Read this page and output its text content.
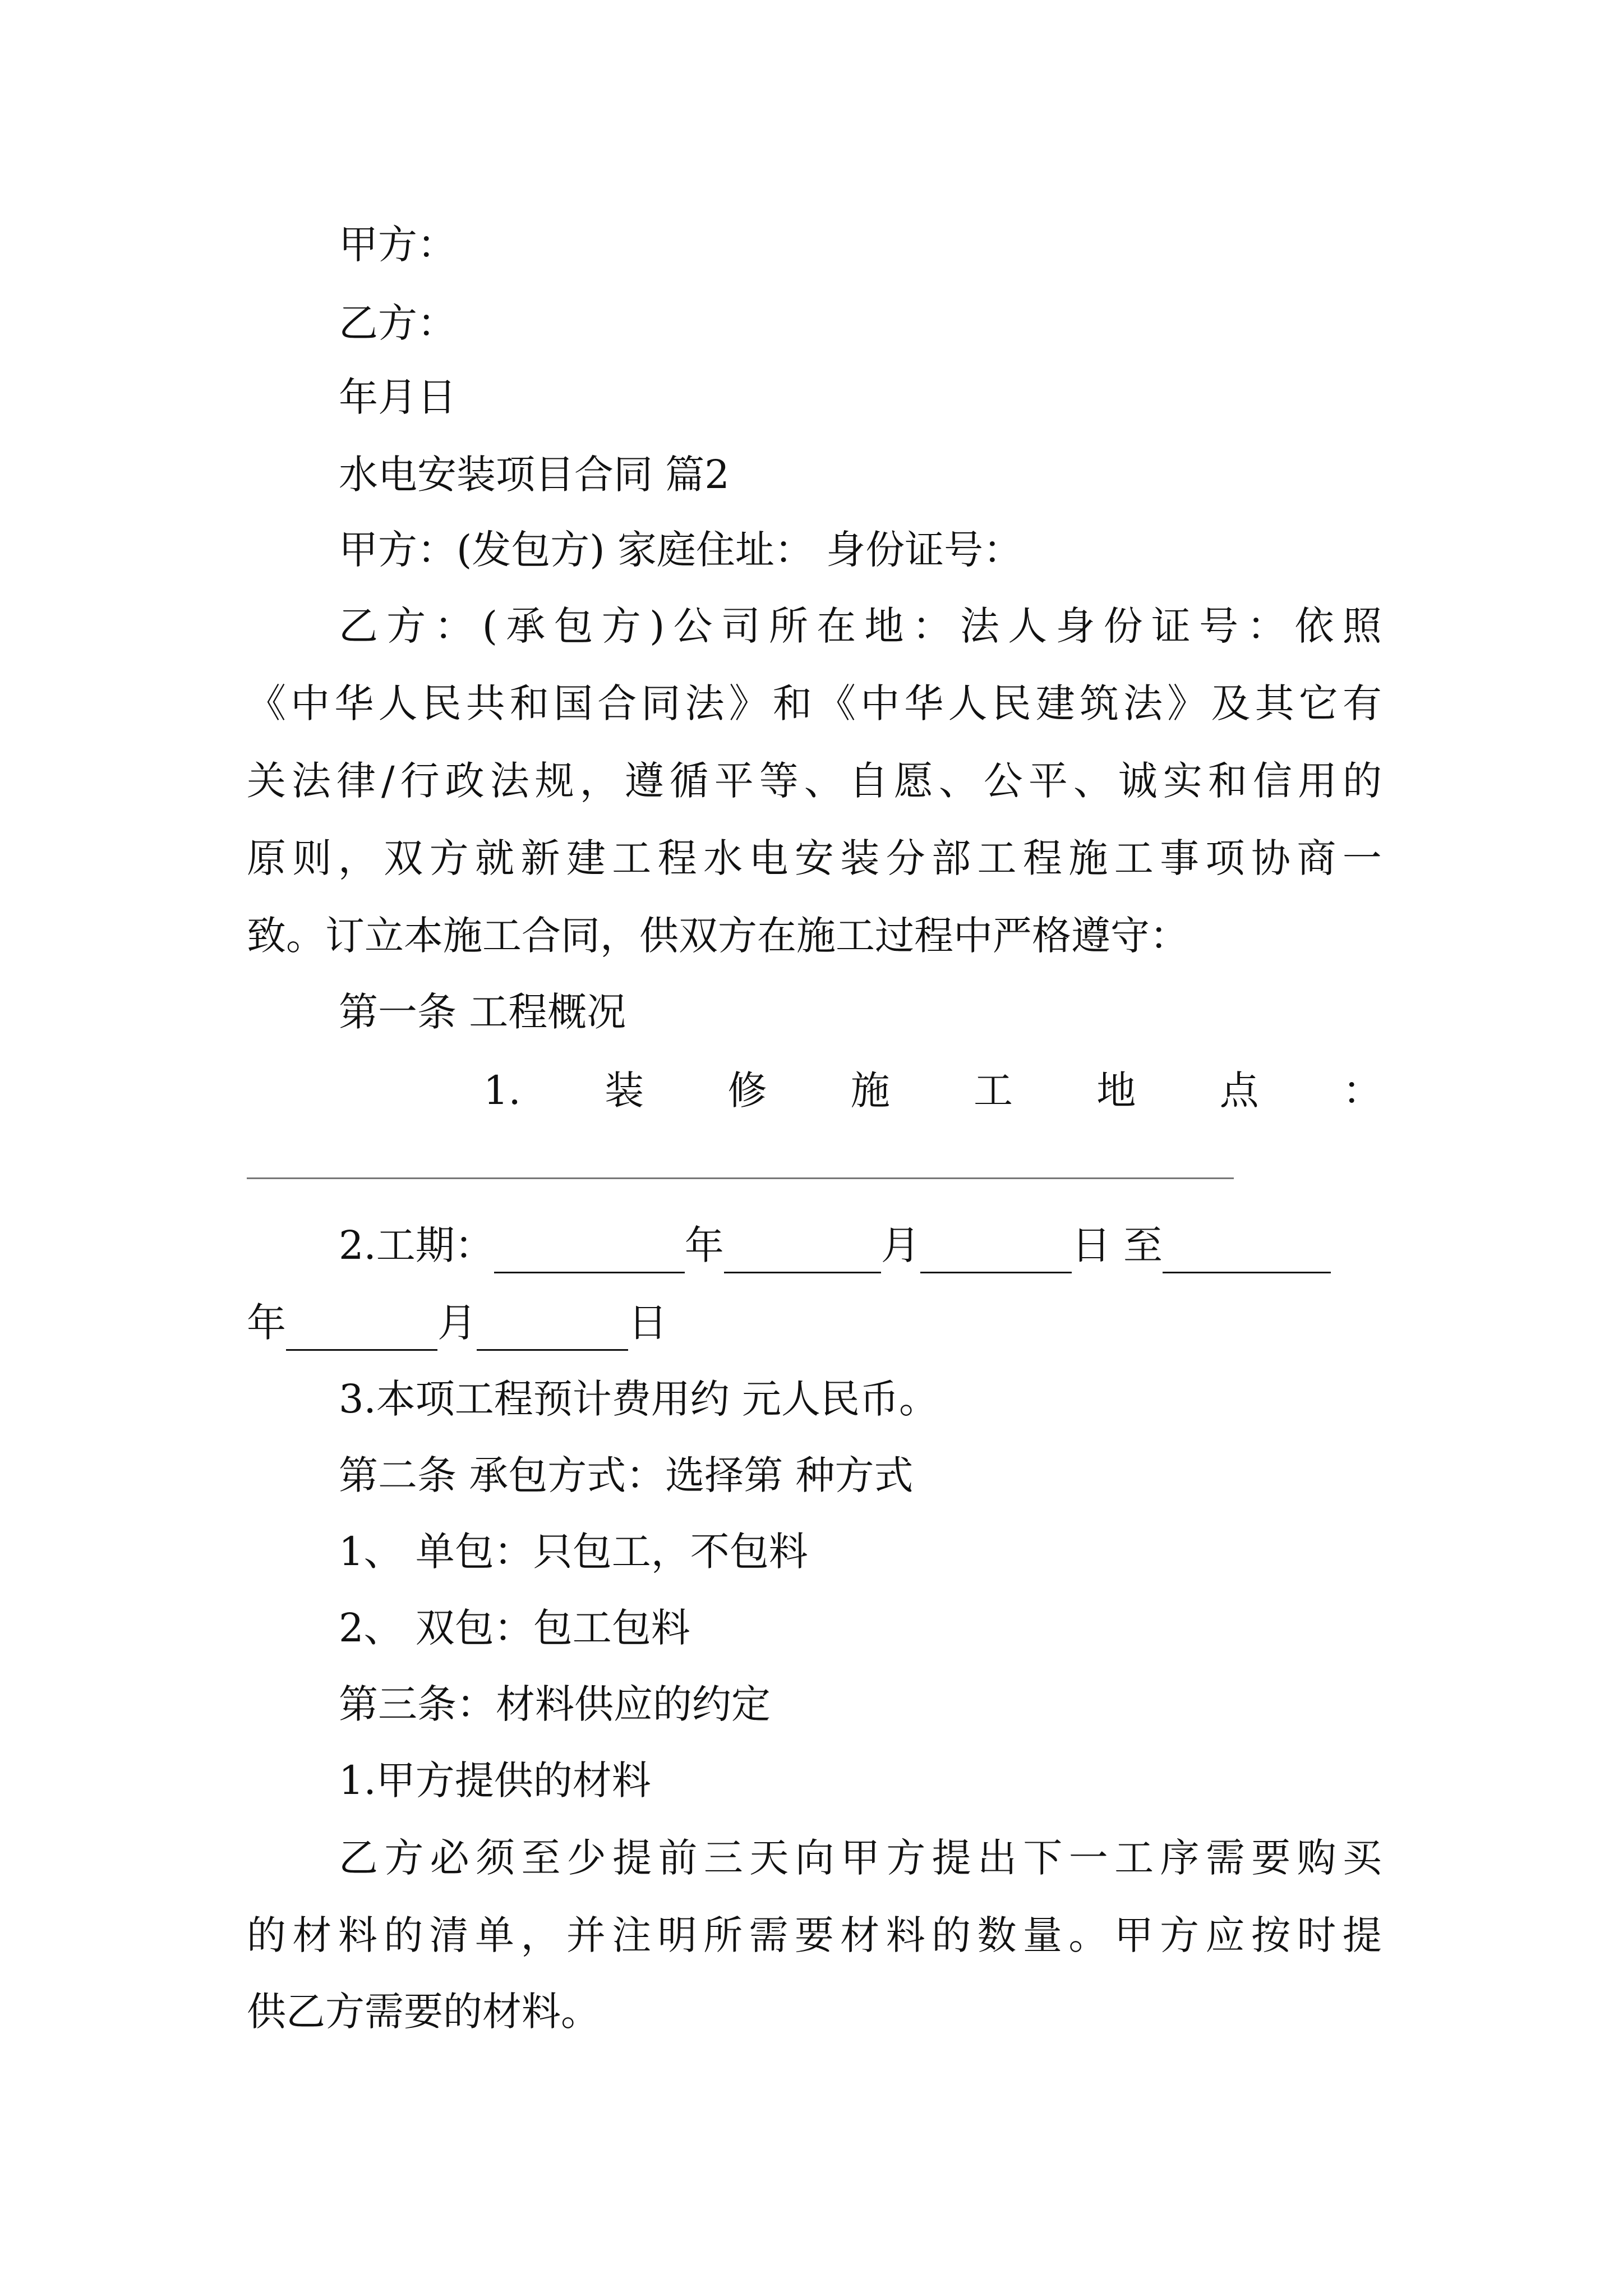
甲方：
乙方：
年月日
水电安装项目合同 篇2
甲方：(发包方) 家庭住址： 身份证号：
乙 方 ： ( 承 包 方 ) 公 司 所 在 地 ： 法 人 身 份 证 号 ： 依 照
《 中 华 人 民 共 和 国 合 同 法 》 和 《 中 华 人 民 建 筑 法 》 及 其 它 有
关 法 律 / 行 政 法 规 ， 遵 循 平 等 、 自 愿 、 公 平 、 诚 实 和 信 用 的
原 则 ， 双 方 就 新 建 工 程 水 电 安 装 分 部 工 程 施 工 事 项 协 商 一
致。订立本施工合同，供双方在施工过程中严格遵守：
第一条 工程概况
1. 装 修 施 工 地 点 ：
2.工期：	年	月	日 至
年	月	日
3.本项工程预计费用约 元人民币。
第二条 承包方式：选择第 种方式
1、 单包：只包工，不包料
2、 双包：包工包料
第三条：材料供应的约定
1.甲方提供的材料
乙 方 必 须 至 少 提 前 三 天 向 甲 方 提 出 下 一 工 序 需 要 购 买
的 材 料 的 清 单 ， 并 注 明 所 需 要 材 料 的 数 量 。 甲 方 应 按 时 提
供乙方需要的材料。
